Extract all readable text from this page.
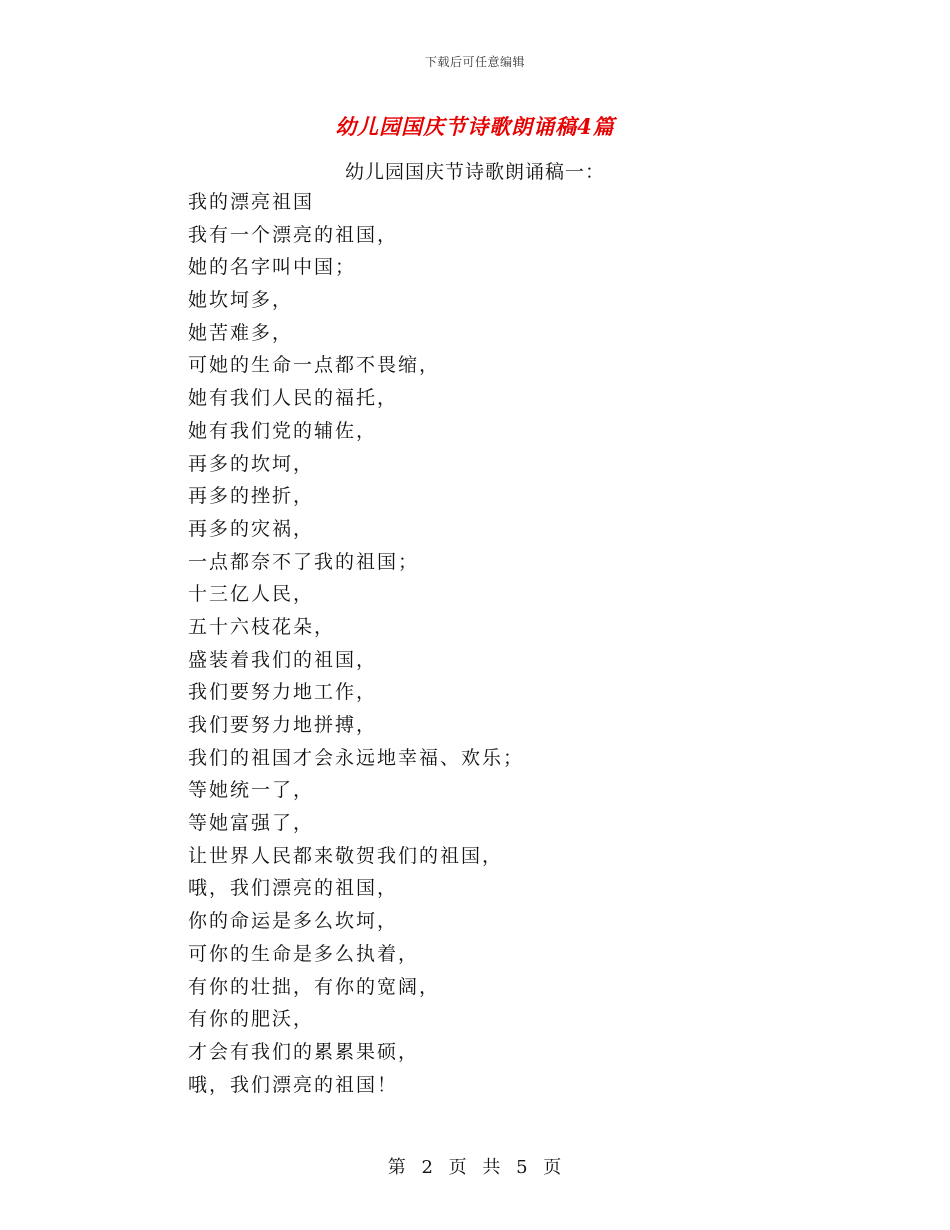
下载后可任意编辑
幼儿园国庆节诗歌朗诵稿4篇
幼儿园国庆节诗歌朗诵稿一：
我的漂亮祖国
我有一个漂亮的祖国，
她的名字叫中国；
她坎坷多，
她苦难多，
可她的生命一点都不畏缩，
她有我们人民的福托，
她有我们党的辅佐，
再多的坎坷，
再多的挫折，
再多的灾祸，
一点都奈不了我的祖国；
十三亿人民，
五十六枝花朵，
盛装着我们的祖国，
我们要努力地工作，
我们要努力地拼搏，
我们的祖国才会永远地幸福、欢乐；
等她统一了，
等她富强了，
让世界人民都来敬贺我们的祖国，
哦，我们漂亮的祖国，
你的命运是多么坎坷，
可你的生命是多么执着，
有你的壮拙，有你的宽阔，
有你的肥沃，
才会有我们的累累果硕，
哦，我们漂亮的祖国！
第 2 页 共 5 页
